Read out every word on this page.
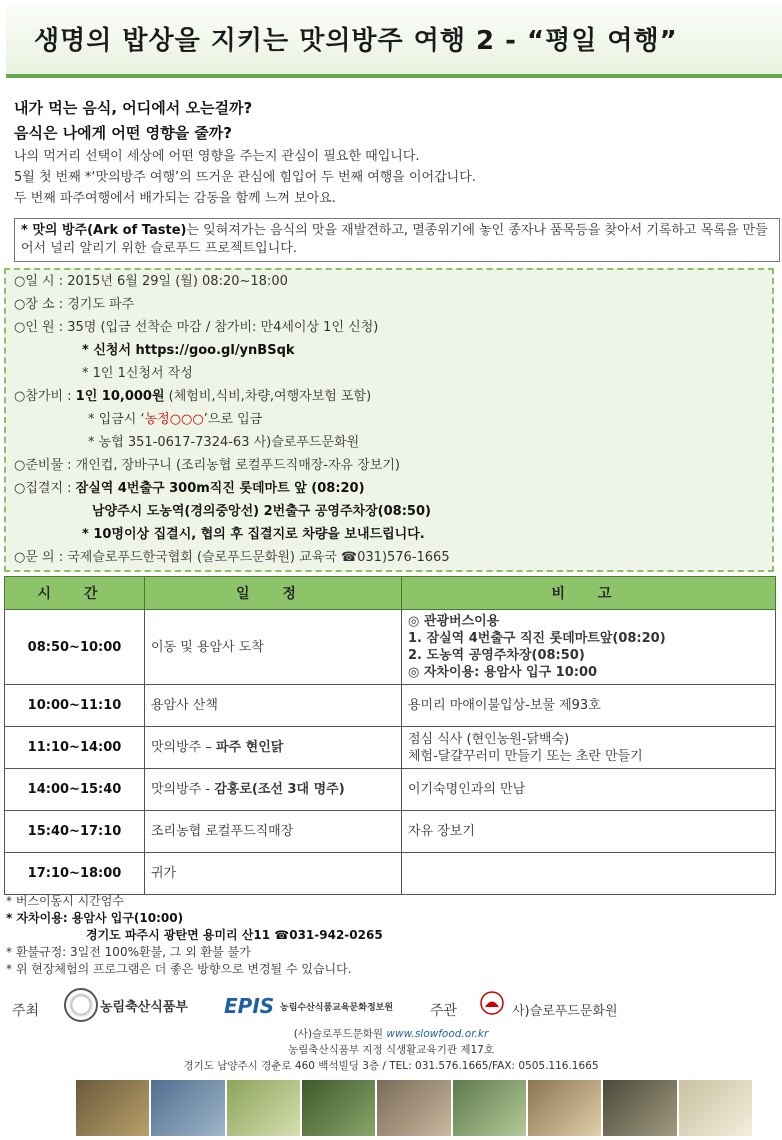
생명의 밥상을 지키는 맛의방주 여행 2 - “평일 여행”
내가 먹는 음식, 어디에서 오는걸까?
음식은 나에게 어떤 영향을 줄까?
나의 먹거리 선택이 세상에 어떤 영향을 주는지 관심이 필요한 때입니다.
5월 첫 번째 *‘맛의방주 여행’의 뜨거운 관심에 힘입어 두 번째 여행을 이어갑니다.
두 번째 파주여행에서 배가되는 감동을 함께 느껴 보아요.
* 맛의 방주(Ark of Taste)는 잊혀져가는 음식의 맛을 재발견하고, 멸종위기에 놓인 종자나 품목등을 찾아서 기록하고 목록을 만들어서 널리 알리기 위한 슬로푸드 프로젝트입니다.
○일 시 : 2015년 6월 29일 (월) 08:20~18:00
○장 소 : 경기도 파주
○인 원 : 35명 (입금 선착순 마감 / 참가비: 만4세이상 1인 신청)
* 신청서 https://goo.gl/ynBSqk
* 1인 1신청서 작성
○참가비 : 1인 10,000원 (체험비,식비,차량,여행자보험 포함)
* 입금시 ‘농정○○○’으로 입금
* 농협 351-0617-7324-63 사)슬로푸드문화원
○준비물 : 개인컵, 장바구니 (조리농협 로컬푸드직매장-자유 장보기)
○집결지 : 잠실역 4번출구 300m직진 롯데마트 앞 (08:20)
남양주시 도농역(경의중앙선) 2번출구 공영주차장(08:50)
* 10명이상 집결시, 협의 후 집결지로 차량을 보내드립니다.
○문 의 : 국제슬로푸드한국협회 (슬로푸드문화원) 교육국 ☎031)576-1665
시 간	일 정	비 고
08:50~10:00	이동 및 용암사 도착	◎ 관광버스이용
1. 잠실역 4번출구 직진 롯데마트앞(08:20)
2. 도농역 공영주차장(08:50)
◎ 자차이용: 용암사 입구 10:00

10:00~11:10	용암사 산책	용미리 마애이불입상-보물 제93호

11:10~14:00	맛의방주 – 파주 현인닭	점심 식사 (현인농원-닭백숙)
체험-달걀꾸러미 만들기 또는 초란 만들기

14:00~15:40	맛의방주 - 감홍로(조선 3대 명주)	이기숙명인과의 만남

15:40~17:10	조리농협 로컬푸드직매장	자유 장보기

17:10~18:00	귀가	
* 버스이동시 시간엄수
* 자차이용: 용암사 입구(10:00)
경기도 파주시 광탄면 용미리 산11 ☎031-942-0265
* 환불규정: 3일전 100%환불, 그 외 환불 불가
* 위 현장체험의 프로그램은 더 좋은 방향으로 변경될 수 있습니다.
주최	농림축산식품부 EPIS 농림수산식품교육문화정보원	주관	사)슬로푸드문화원
(사)슬로푸드문화원 www.slowfood.or.kr
농림축산식품부 지정 식생활교육기관 제17호
경기도 남양주시 경춘로 460 백석빌딩 3층 / TEL: 031.576.1665/FAX: 0505.116.1665
